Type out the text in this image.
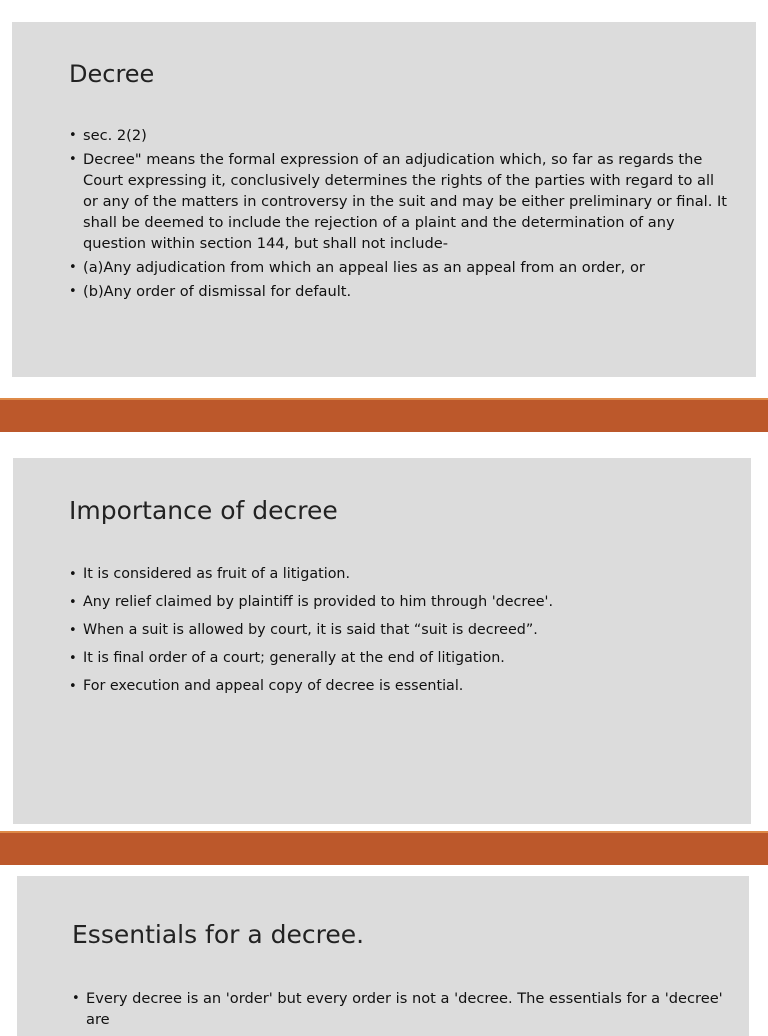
Decree
• sec. 2(2)
• Decree" means the formal expression of an adjudication which, so far as regards the Court expressing it, conclusively determines the rights of the parties with regard to all or any of the matters in controversy in the suit and may be either preliminary or final. It shall be deemed to include the rejection of a plaint and the determination of any question within section 144, but shall not include-
• (a)Any adjudication from which an appeal lies as an appeal from an order, or
• (b)Any order of dismissal for default.
Importance of decree
• It is considered as fruit of a litigation.
• Any relief claimed by plaintiff is provided to him through 'decree'.
• When a suit is allowed by court, it is said that “suit is decreed”.
• It is final order of a court; generally at the end of litigation.
• For execution and appeal copy of decree is essential.
Essentials for a decree.
• Every decree is an 'order' but every order is not a 'decree. The essentials for a 'decree' are
